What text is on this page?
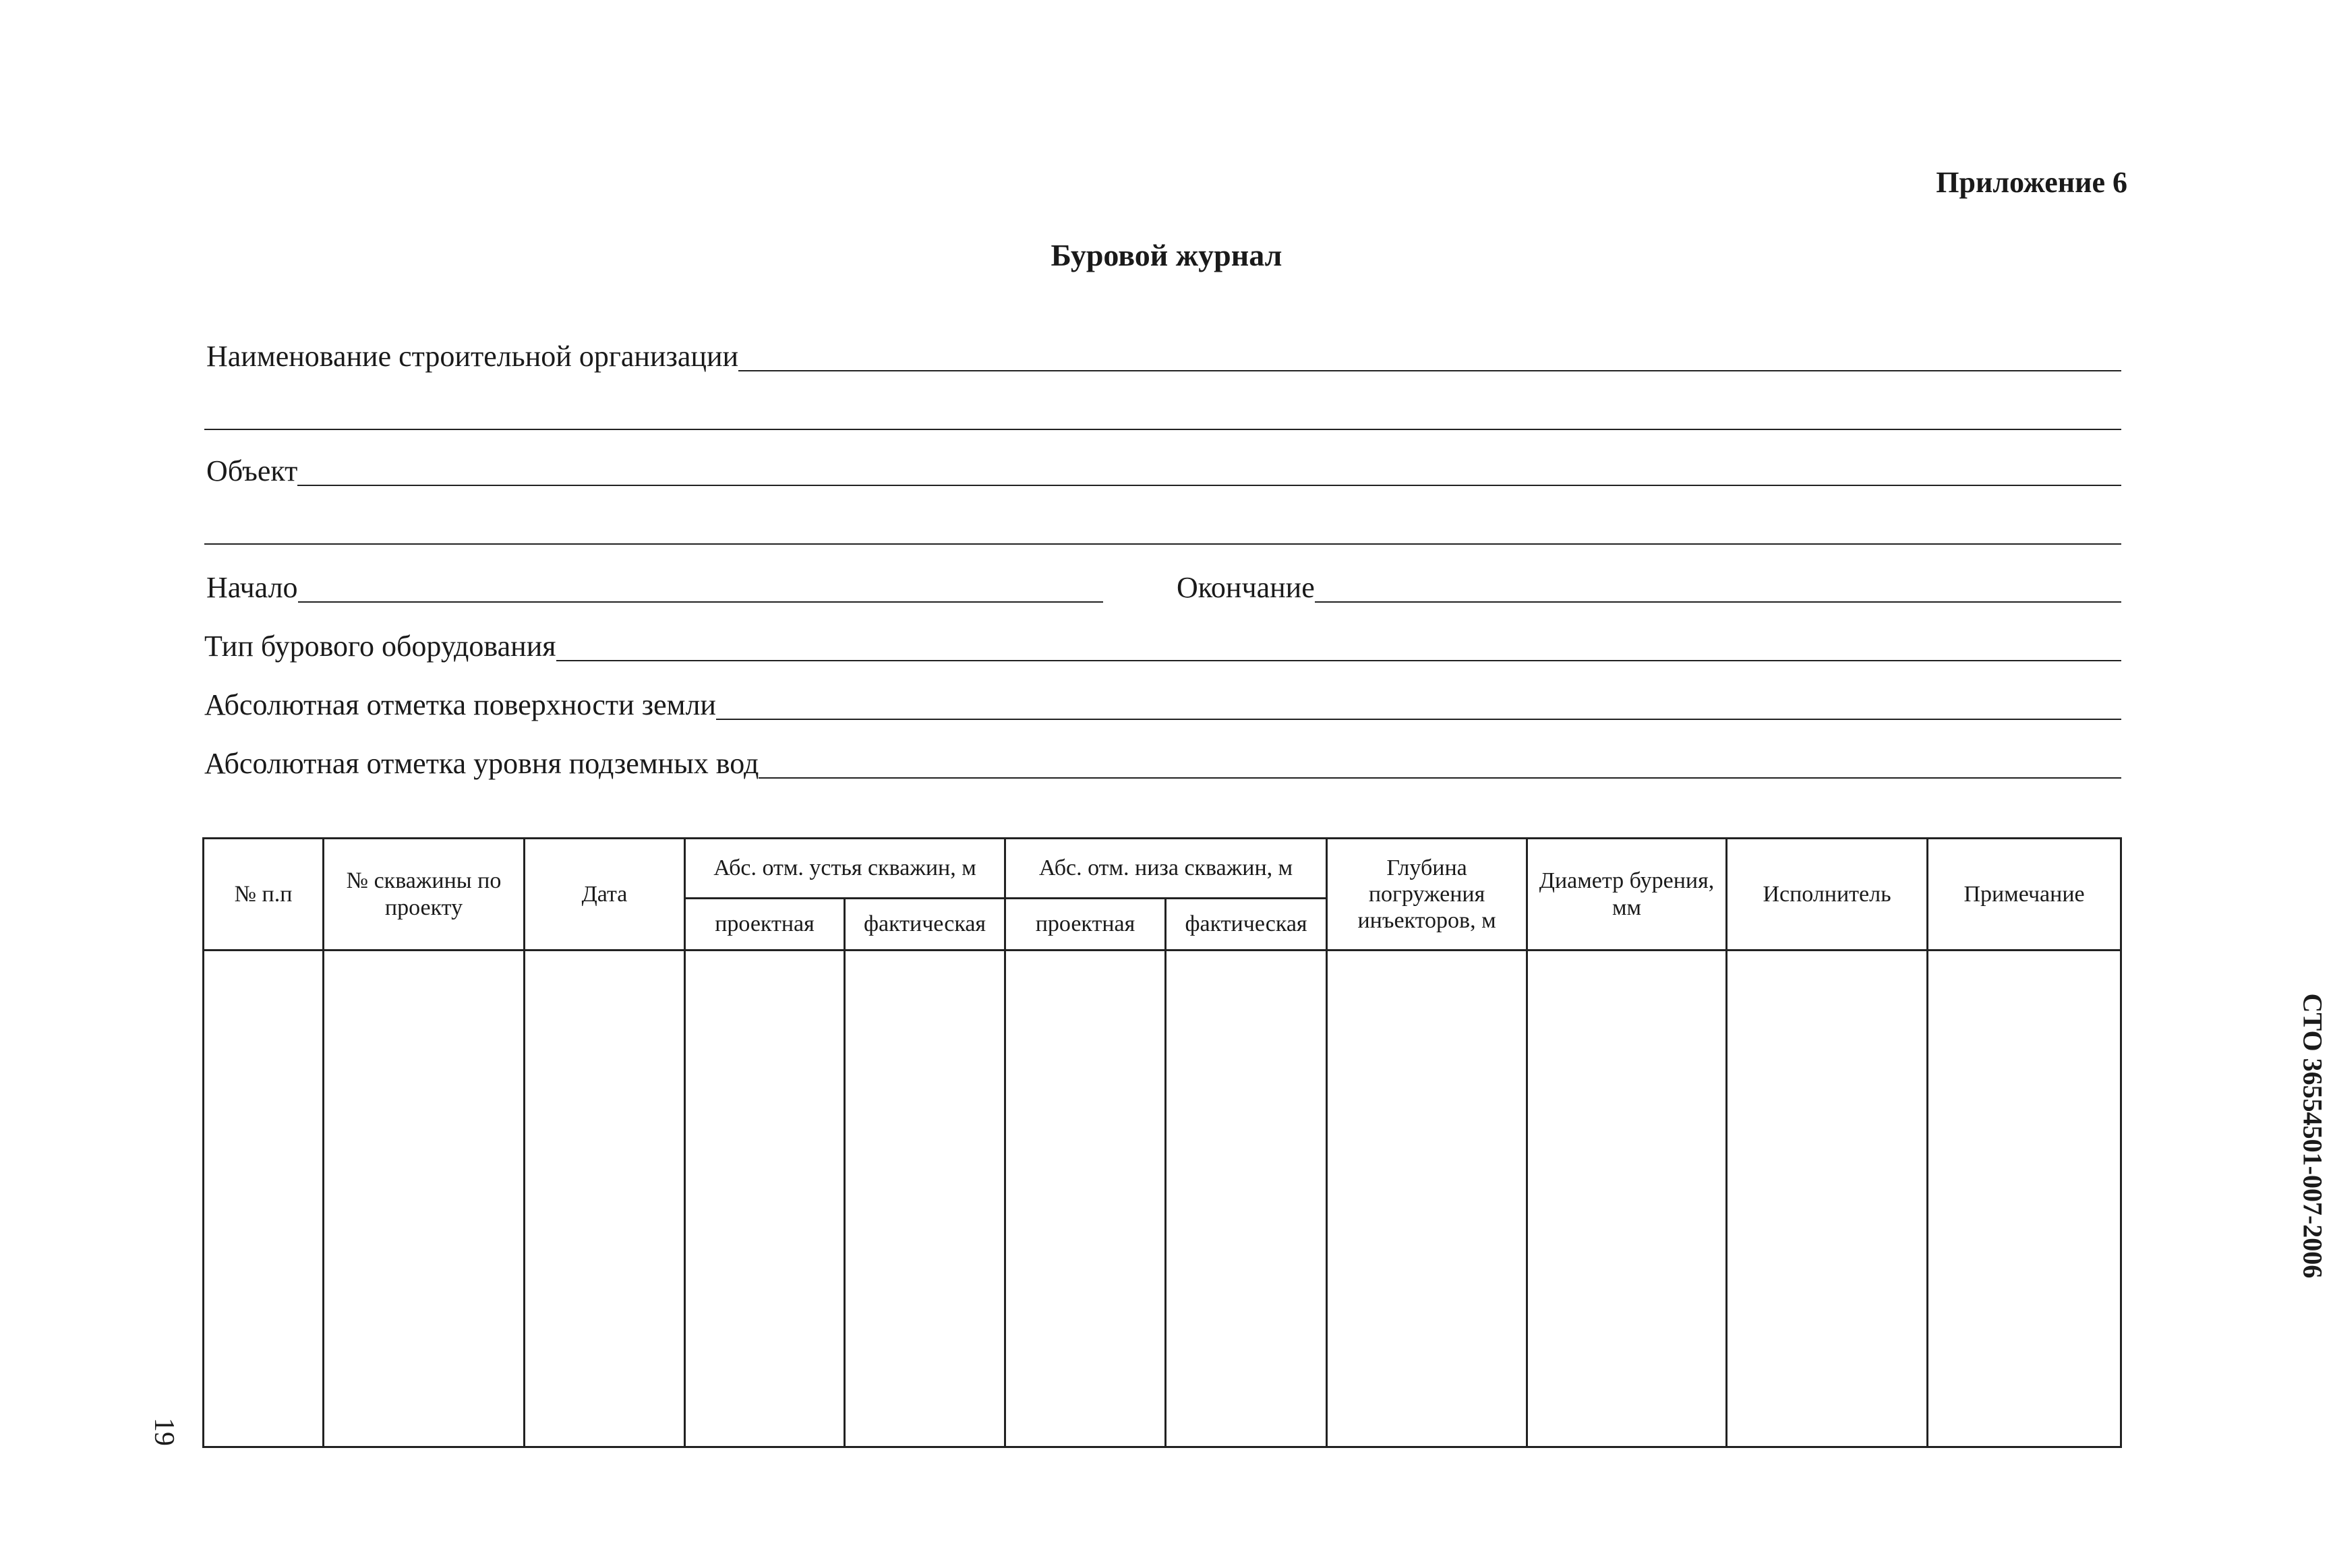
Приложение 6
Буровой журнал
Наименование строительной организации
Объект
Начало	Окончание
Тип бурового оборудования
Абсолютная отметка поверхности земли
Абсолютная отметка уровня подземных вод
№ п.п	№ скважины по проекту	Дата	Абс. отм. устья скважин, м		Абс. отм. низа скважин, м		Глубина погружения инъекторов, м	Диаметр бурения, мм	Исполнитель	Примечание
			проектная	фактическая	проектная	фактическая				

СТО 36554501-007-2006
19
